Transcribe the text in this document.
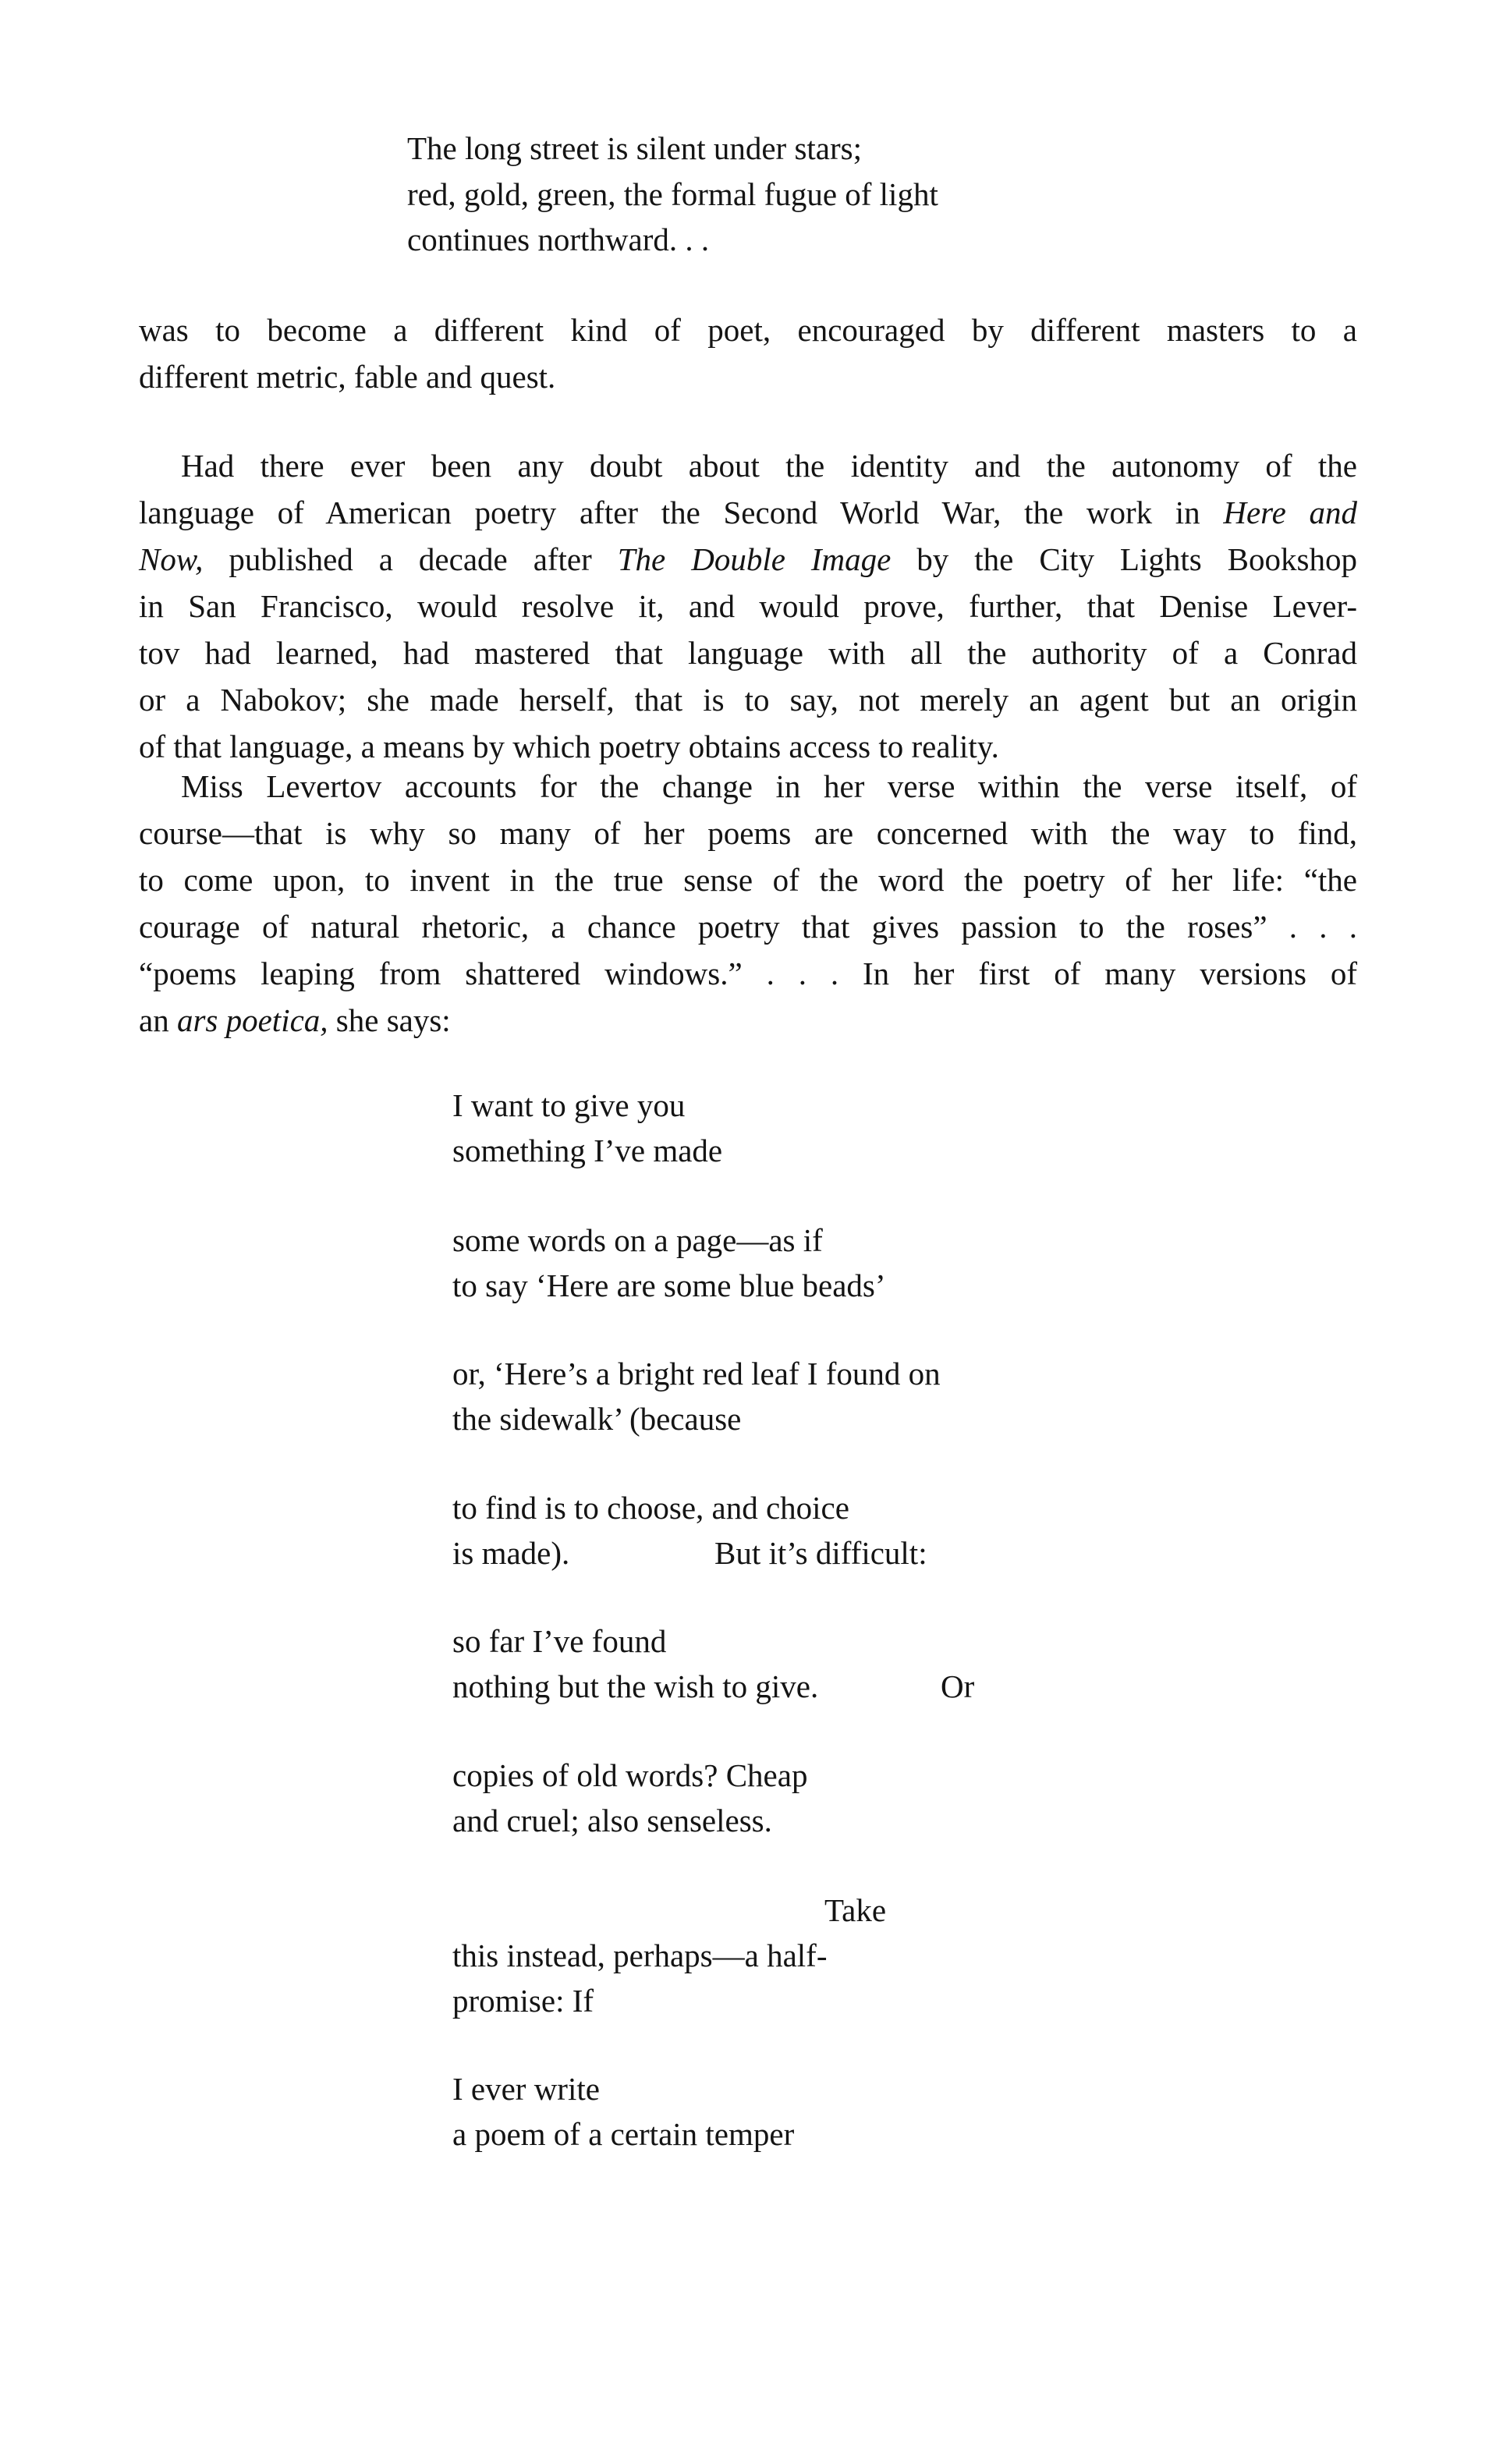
The long street is silent under stars;
red, gold, green, the formal fugue of light
continues northward. . .
was to become a different kind of poet, encouraged by different masters to a
different metric, fable and quest.
Had there ever been any doubt about the identity and the autonomy of the
language of American poetry after the Second World War, the work in Here and
Now, published a decade after The Double Image by the City Lights Bookshop
in San Francisco, would resolve it, and would prove, further, that Denise Lever-
tov had learned, had mastered that language with all the authority of a Conrad
or a Nabokov; she made herself, that is to say, not merely an agent but an origin
of that language, a means by which poetry obtains access to reality.
Miss Levertov accounts for the change in her verse within the verse itself, of
course—that is why so many of her poems are concerned with the way to find,
to come upon, to invent in the true sense of the word the poetry of her life: “the
courage of natural rhetoric, a chance poetry that gives passion to the roses” . . .
“poems leaping from shattered windows.” . . . In her first of many versions of
an ars poetica, she says:
I want to give you
something I’ve made
some words on a page—as if
to say ‘Here are some blue beads’
or, ‘Here’s a bright red leaf I found on
the sidewalk’ (because
to find is to choose, and choice
is made).	But it’s difficult:
so far I’ve found
nothing but the wish to give.	Or
copies of old words? Cheap
and cruel; also senseless.
Take
this instead, perhaps—a half-
promise: If
I ever write
a poem of a certain temper
